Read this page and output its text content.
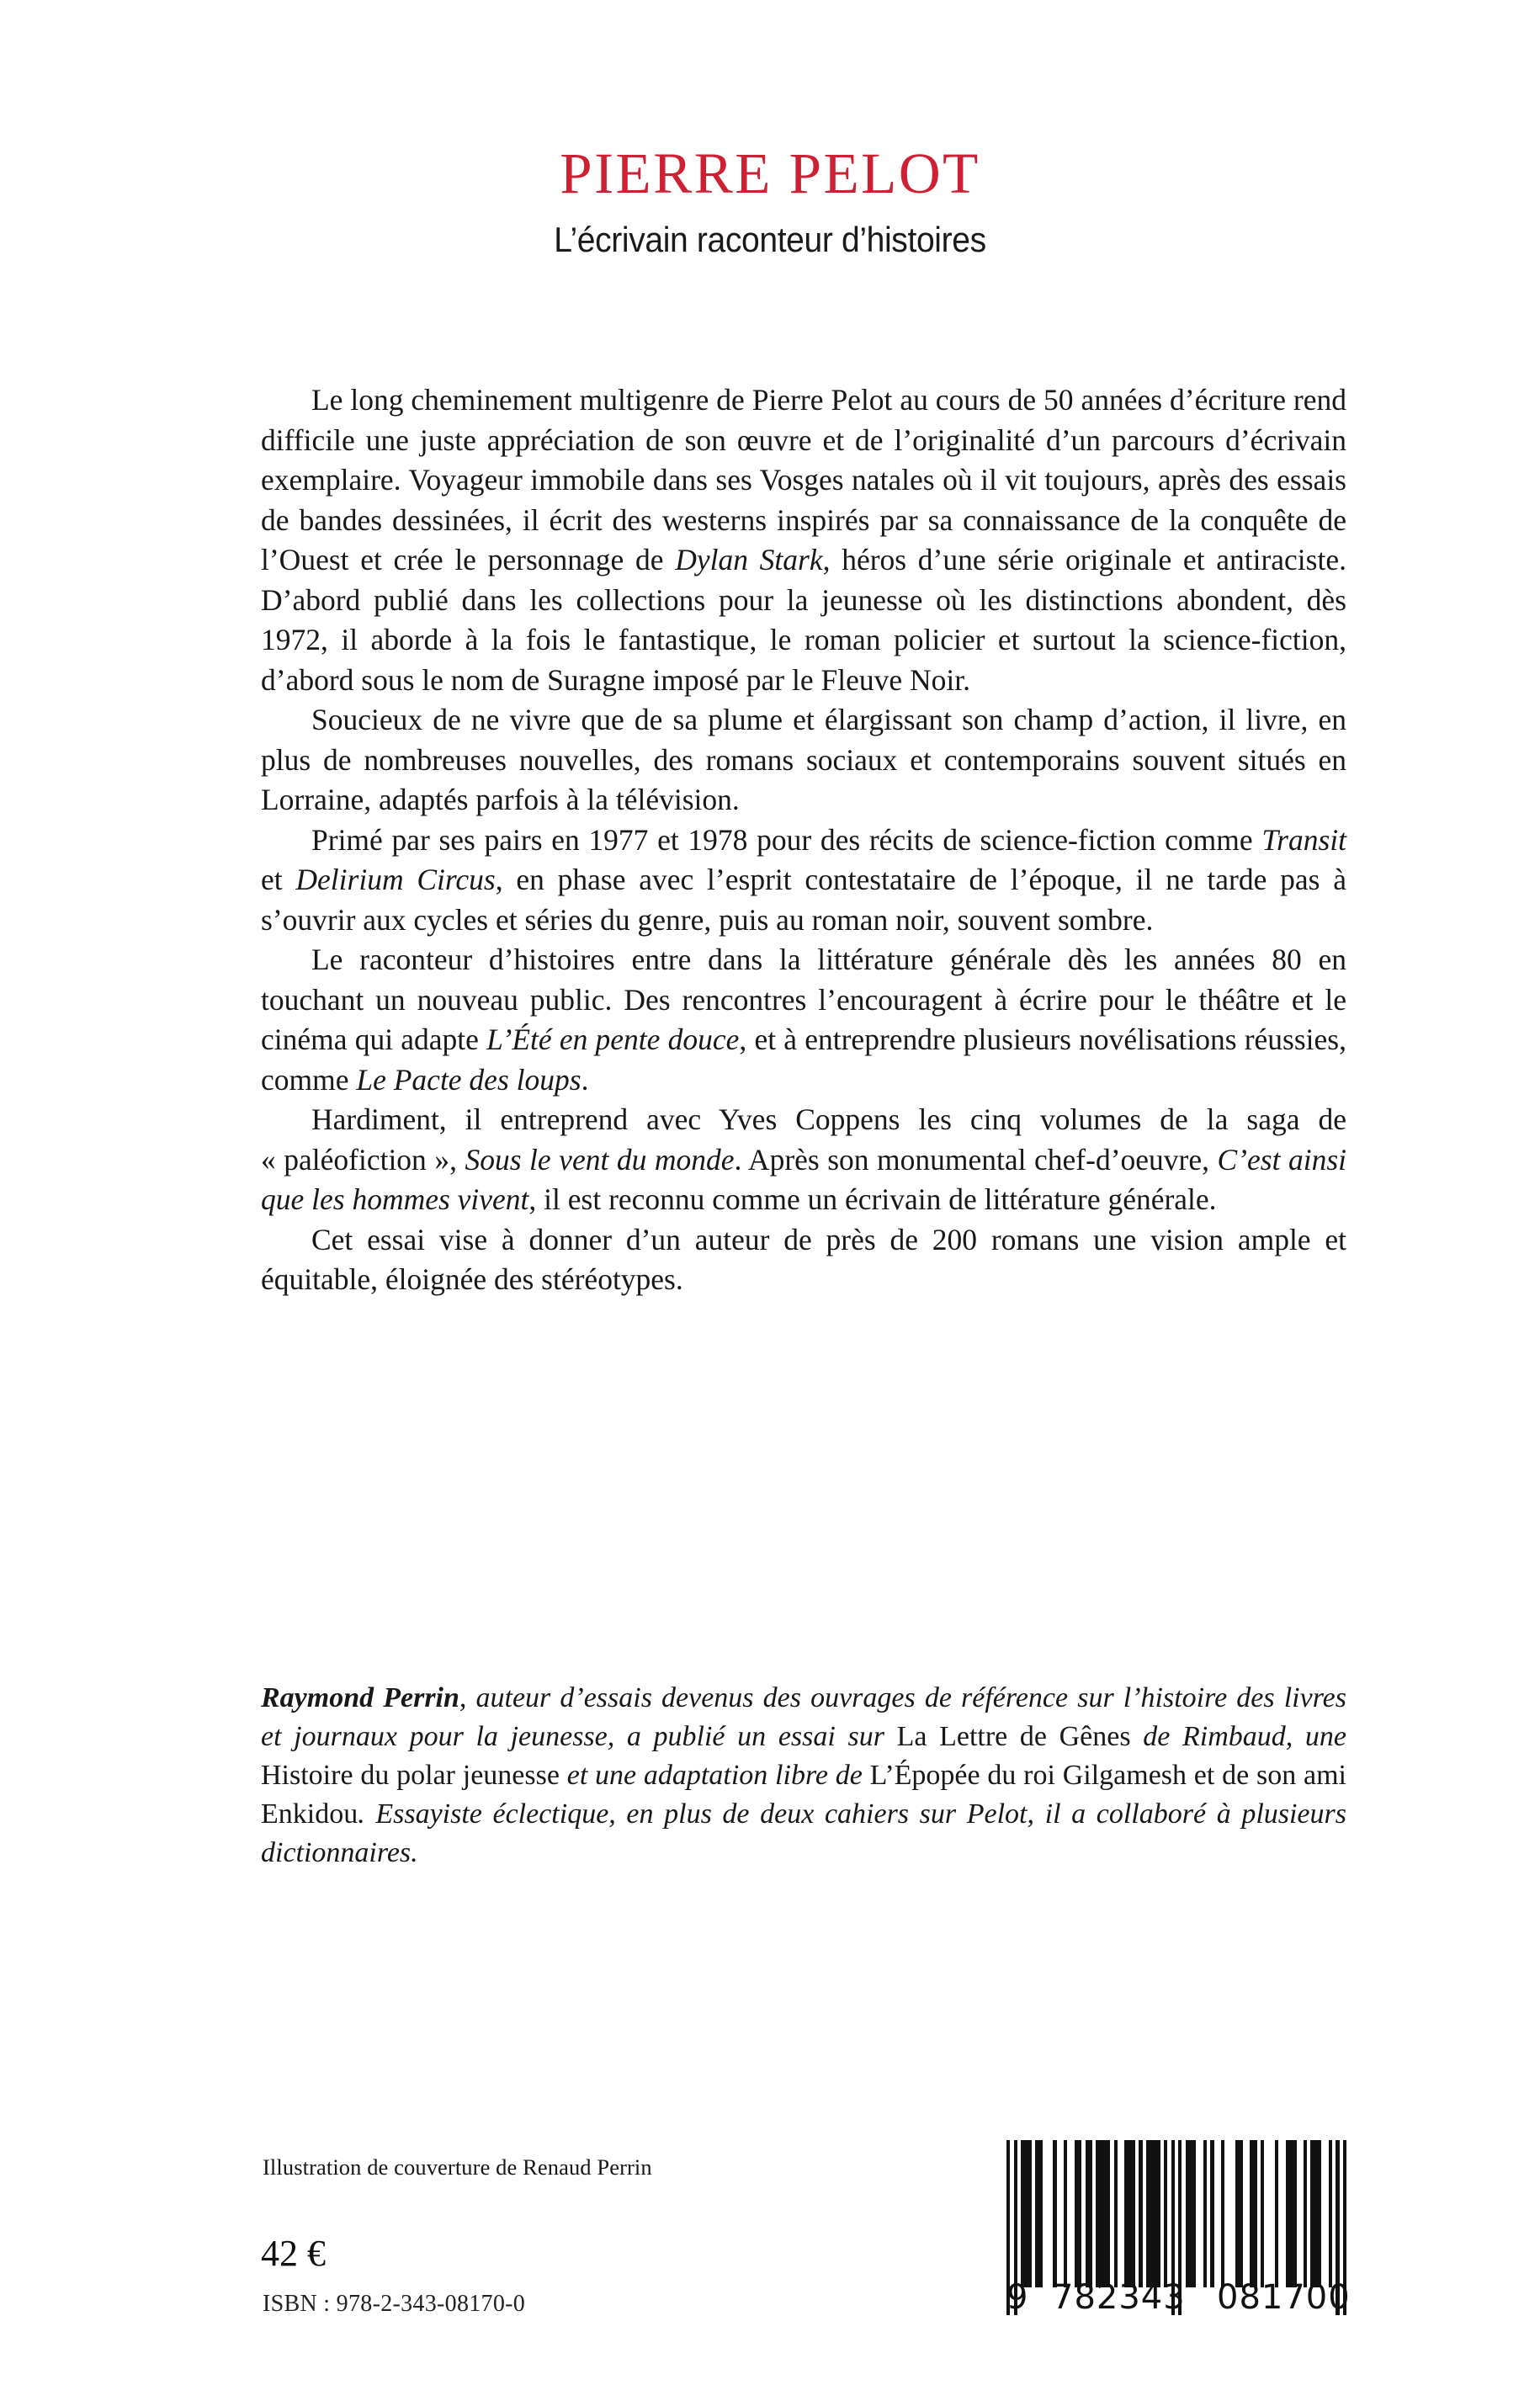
PIERRE PELOT
L’écrivain raconteur d’histoires

Le long cheminement multigenre de Pierre Pelot au cours de 50 années d’écriture rend difficile une juste appréciation de son œuvre et de l’originalité d’un parcours d’écrivain exemplaire. Voyageur immobile dans ses Vosges natales où il vit toujours, après des essais de bandes dessinées, il écrit des westerns inspirés par sa connaissance de la conquête de l’Ouest et crée le personnage de Dylan Stark, héros d’une série originale et antiraciste. D’abord publié dans les collections pour la jeunesse où les distinctions abondent, dès 1972, il aborde à la fois le fantastique, le roman policier et surtout la science-fiction, d’abord sous le nom de Suragne imposé par le Fleuve Noir.

Soucieux de ne vivre que de sa plume et élargissant son champ d’action, il livre, en plus de nombreuses nouvelles, des romans sociaux et contemporains souvent situés en Lorraine, adaptés parfois à la télévision.

Primé par ses pairs en 1977 et 1978 pour des récits de science-fiction comme Transit et Delirium Circus, en phase avec l’esprit contestataire de l’époque, il ne tarde pas à s’ouvrir aux cycles et séries du genre, puis au roman noir, souvent sombre.

Le raconteur d’histoires entre dans la littérature générale dès les années 80 en touchant un nouveau public. Des rencontres l’encouragent à écrire pour le théâtre et le cinéma qui adapte L’Été en pente douce, et à entreprendre plusieurs novélisations réussies, comme Le Pacte des loups.

Hardiment, il entreprend avec Yves Coppens les cinq volumes de la saga de « paléofiction », Sous le vent du monde. Après son monumental chef-d’oeuvre, C’est ainsi que les hommes vivent, il est reconnu comme un écrivain de littérature générale.

Cet essai vise à donner d’un auteur de près de 200 romans une vision ample et équitable, éloignée des stéréotypes.

Raymond Perrin, auteur d’essais devenus des ouvrages de référence sur l’histoire des livres et journaux pour la jeunesse, a publié un essai sur La Lettre de Gênes de Rimbaud, une Histoire du polar jeunesse et une adaptation libre de L’Épopée du roi Gilgamesh et de son ami Enkidou. Essayiste éclectique, en plus de deux cahiers sur Pelot, il a collaboré à plusieurs dictionnaires.

Illustration de couverture de Renaud Perrin
42 €
ISBN : 978-2-343-08170-0	9 782343 081700
